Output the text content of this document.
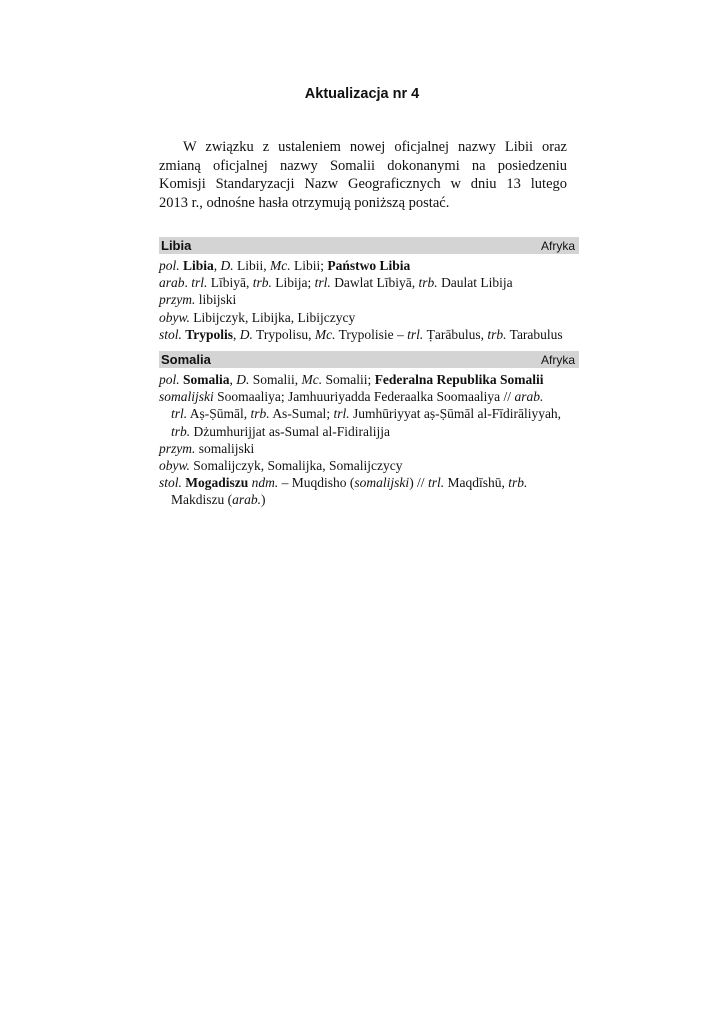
Aktualizacja nr 4
W związku z ustaleniem nowej oficjalnej nazwy Libii oraz
zmianą oficjalnej nazwy Somalii dokonanymi na posiedzeniu
Komisji Standaryzacji Nazw Geograficznych w dniu 13 lutego
2013 r., odnośne hasła otrzymują poniższą postać.
Libia	Afryka
pol. Libia, D. Libii, Mc. Libii; Państwo Libia
arab. trl. Lībiyā, trb. Libija; trl. Dawlat Lībiyā, trb. Daulat Libija
przym. libijski
obyw. Libijczyk, Libijka, Libijczycy
stol. Trypolis, D. Trypolisu, Mc. Trypolisie – trl. Ṭarābulus, trb. Tarabulus
Somalia	Afryka
pol. Somalia, D. Somalii, Mc. Somalii; Federalna Republika Somalii
somalijski Soomaaliya; Jamhuuriyadda Federaalka Soomaaliya // arab.
trl. Aṣ-Ṣūmāl, trb. As-Sumal; trl. Jumhūriyyat aṣ-Ṣūmāl al-Fīdirāliyyah,
trb. Dżumhurijjat as-Sumal al-Fidiralijja
przym. somalijski
obyw. Somalijczyk, Somalijka, Somalijczycy
stol. Mogadiszu ndm. – Muqdisho (somalijski) // trl. Maqdīshū, trb.
Makdiszu (arab.)
